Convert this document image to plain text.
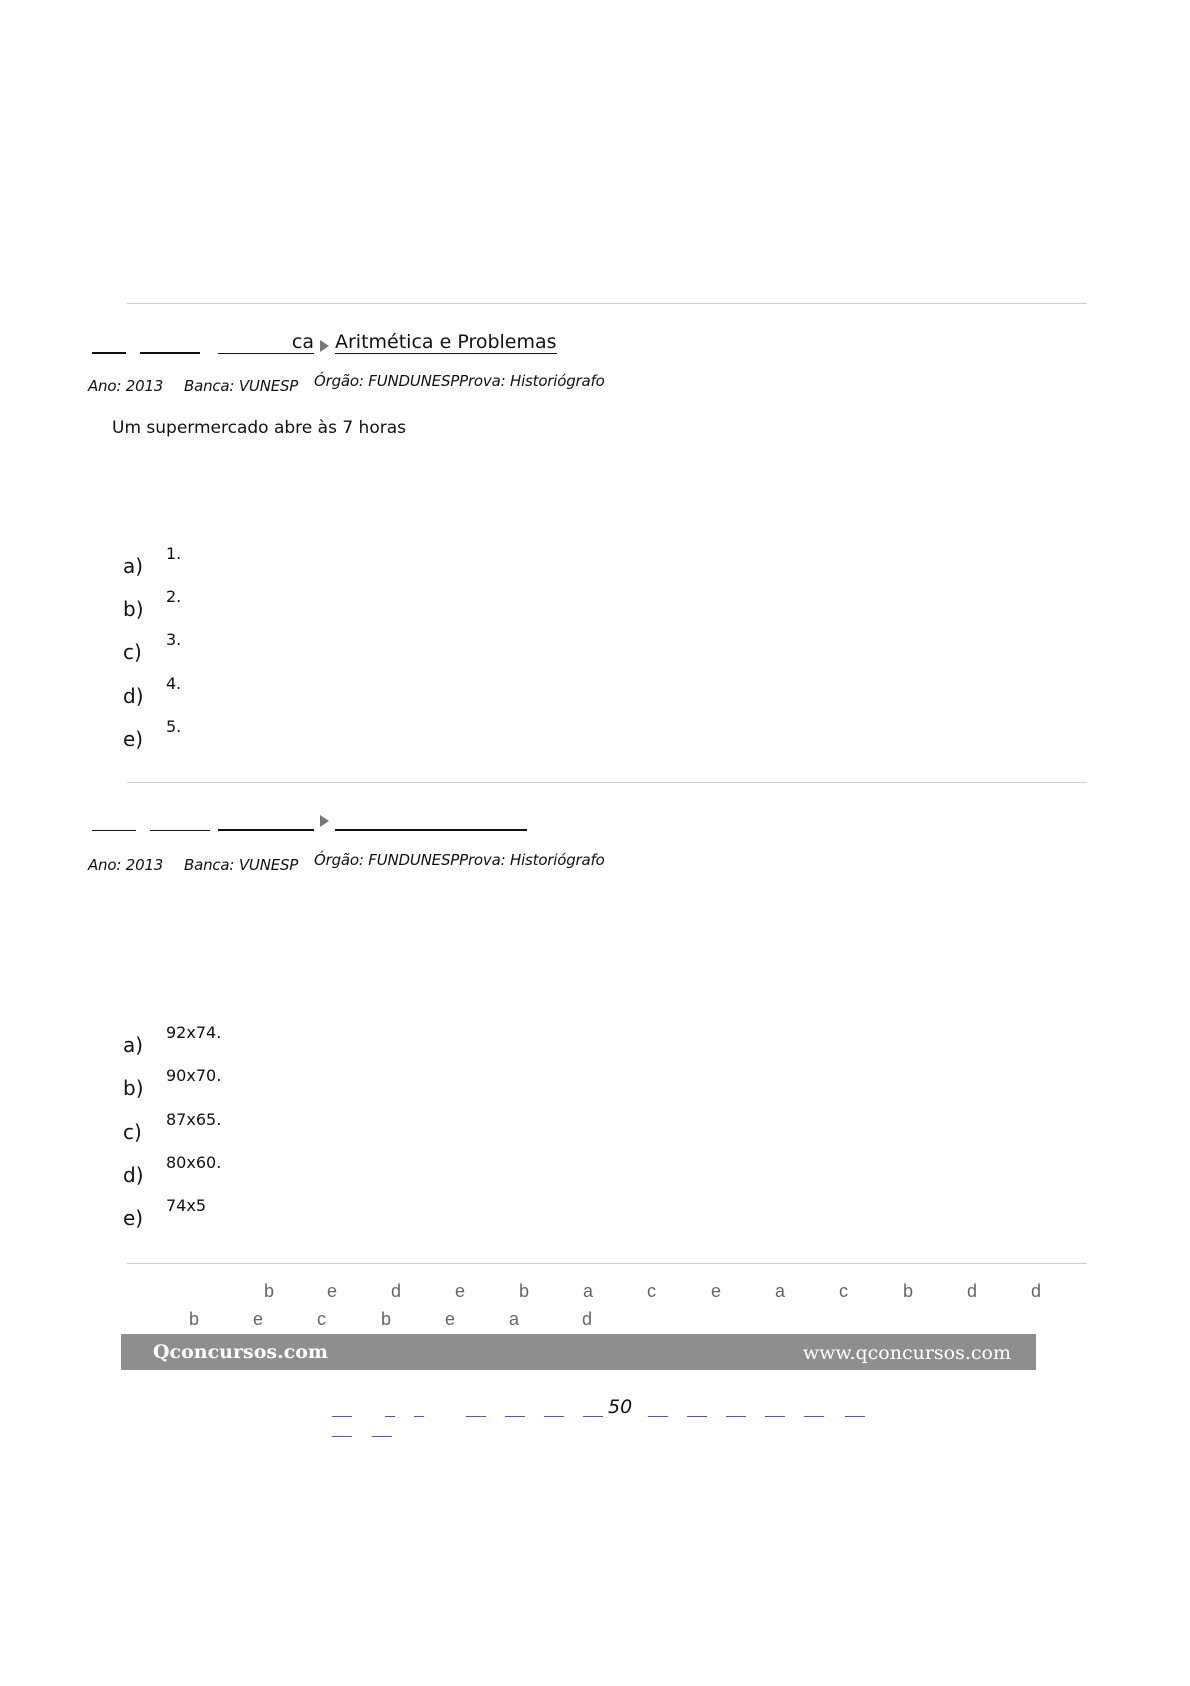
ca Aritmética e Problemas
Ano: 2013 Banca: VUNESP Órgão: FUNDUNESPProva: Historiógrafo
Um supermercado abre às 7 horas
a)
1.
b)
2.
c)
3.
d)
4.
e)
5.
Ano: 2013 Banca: VUNESP Órgão: FUNDUNESPProva: Historiógrafo
a)
92x74.
b)
90x70.
c)
87x65.
d)
80x60.
e)
74x5
b	e	d	e	b	a	c	e	a	c	b	d	d
b	e	c	b	e	a	d
Qconcursos.com	www.qconcursos.com
50
